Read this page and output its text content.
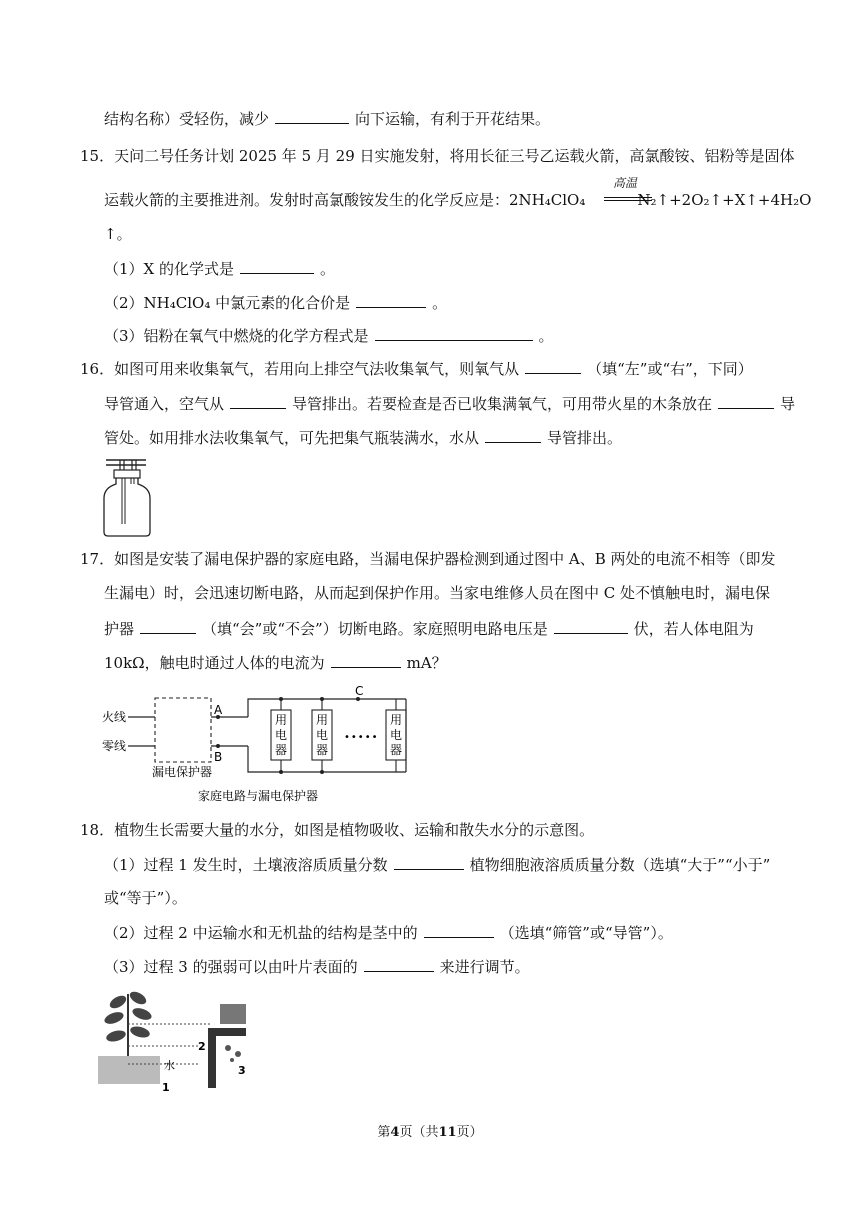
结构名称）受轻伤，减少	向下运输，有利于开花结果。
15．天问二号任务计划 2025 年 5 月 29 日实施发射，将用长征三号乙运载火箭，高氯酸铵、铝粉等是固体
运载火箭的主要推进剂。发射时高氯酸铵发生的化学反应是：2NH₄ClO₄	N₂↑+2O₂↑+X↑+4H₂O
高温
↑。
（1）X 的化学式是	。
（2）NH₄ClO₄ 中氯元素的化合价是	。
（3）铝粉在氧气中燃烧的化学方程式是	。
16．如图可用来收集氧气，若用向上排空气法收集氧气，则氧气从	（填“左”或“右”，下同）
导管通入，空气从	导管排出。若要检查是否已收集满氧气，可用带火星的木条放在	导
管处。如用排水法收集氧气，可先把集气瓶装满水，水从	导管排出。
17．如图是安装了漏电保护器的家庭电路，当漏电保护器检测到通过图中 A、B 两处的电流不相等（即发
生漏电）时，会迅速切断电路，从而起到保护作用。当家电维修人员在图中 C 处不慎触电时，漏电保
护器	（填“会”或“不会”）切断电路。家庭照明电路电压是	伏，若人体电阻为
10kΩ，触电时通过人体的电流为	mA？
火线
零线
漏电保护器
A
B
C
用
电
器
用
电
器
•••••
用
电
器
家庭电路与漏电保护器
18．植物生长需要大量的水分，如图是植物吸收、运输和散失水分的示意图。
（1）过程 1 发生时，土壤液溶质质量分数	植物细胞液溶质质量分数（选填“大于”“小于”
或“等于”）。
（2）过程 2 中运输水和无机盐的结构是茎中的	（选填“筛管”或“导管”）。
（3）过程 3 的强弱可以由叶片表面的	来进行调节。
水
2
1
3
第4页（共11页）
